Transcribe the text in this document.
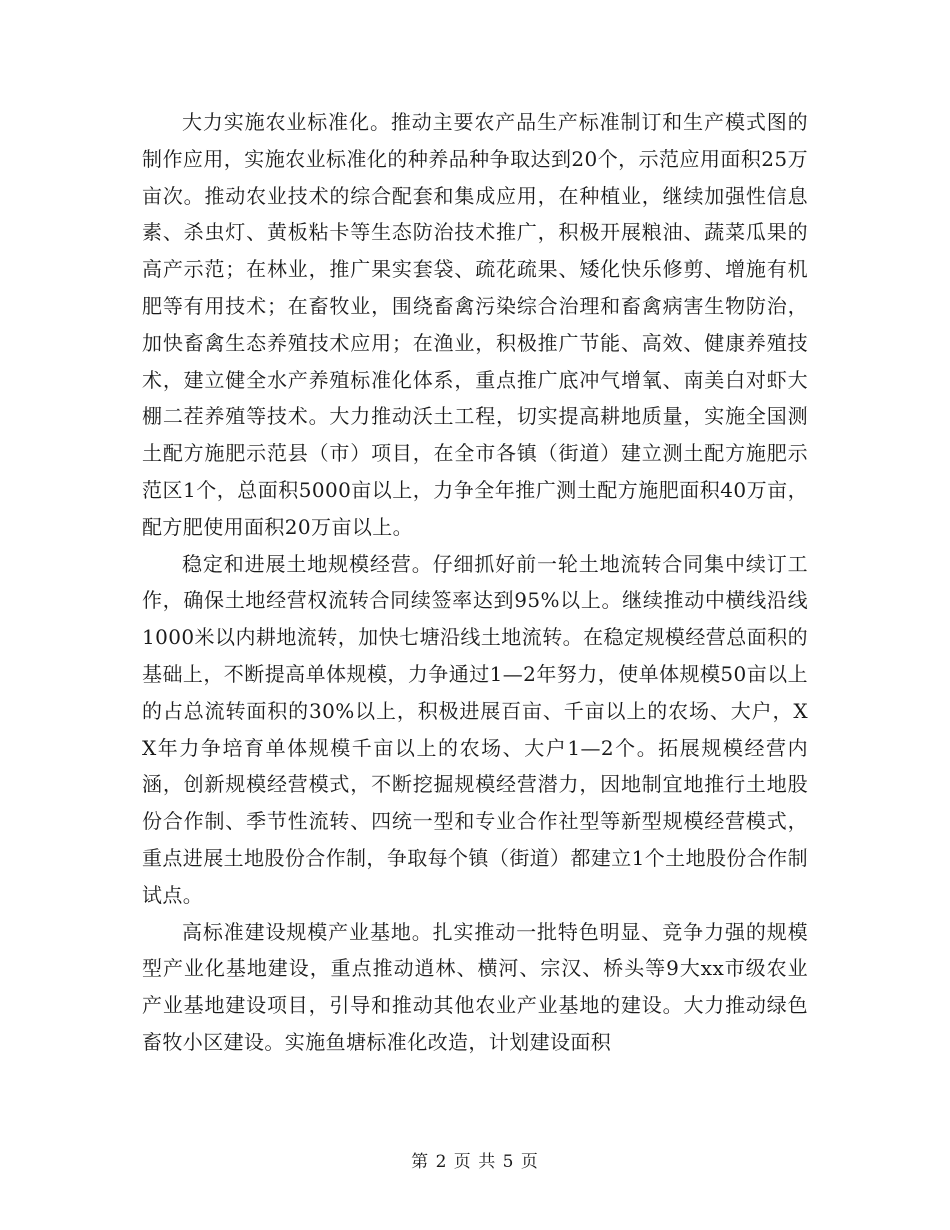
大力实施农业标准化。推动主要农产品生产标准制订和生产模式图的制作应用，实施农业标准化的种养品种争取达到20个，示范应用面积25万亩次。推动农业技术的综合配套和集成应用，在种植业，继续加强性信息素、杀虫灯、黄板粘卡等生态防治技术推广，积极开展粮油、蔬菜瓜果的高产示范；在林业，推广果实套袋、疏花疏果、矮化快乐修剪、增施有机肥等有用技术；在畜牧业，围绕畜禽污染综合治理和畜禽病害生物防治，加快畜禽生态养殖技术应用；在渔业，积极推广节能、高效、健康养殖技术，建立健全水产养殖标准化体系，重点推广底冲气增氧、南美白对虾大棚二茬养殖等技术。大力推动沃土工程，切实提高耕地质量，实施全国测土配方施肥示范县（市）项目，在全市各镇（街道）建立测土配方施肥示范区1个，总面积5000亩以上，力争全年推广测土配方施肥面积40万亩，配方肥使用面积20万亩以上。

稳定和进展土地规模经营。仔细抓好前一轮土地流转合同集中续订工作，确保土地经营权流转合同续签率达到95%以上。继续推动中横线沿线1000米以内耕地流转，加快七塘沿线土地流转。在稳定规模经营总面积的基础上，不断提高单体规模，力争通过1—2年努力，使单体规模50亩以上的占总流转面积的30%以上，积极进展百亩、千亩以上的农场、大户，XX年力争培育单体规模千亩以上的农场、大户1—2个。拓展规模经营内涵，创新规模经营模式，不断挖掘规模经营潜力，因地制宜地推行土地股份合作制、季节性流转、四统一型和专业合作社型等新型规模经营模式，重点进展土地股份合作制，争取每个镇（街道）都建立1个土地股份合作制试点。

高标准建设规模产业基地。扎实推动一批特色明显、竞争力强的规模型产业化基地建设，重点推动逍林、横河、宗汉、桥头等9大xx市级农业产业基地建设项目，引导和推动其他农业产业基地的建设。大力推动绿色畜牧小区建设。实施鱼塘标准化改造，计划建设面积

第 2 页 共 5 页
